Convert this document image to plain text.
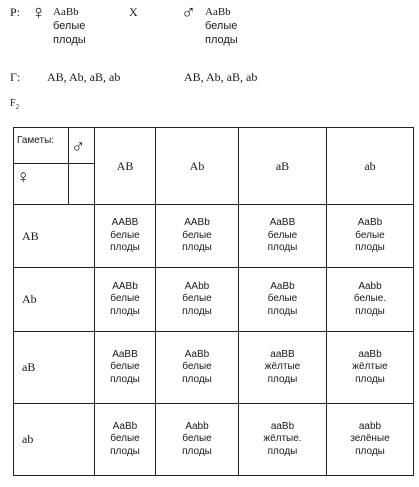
P: ♀ AaBb
белые
плоды
X ♂ AaBb
белые
плоды
Г: AB, Ab, aB, ab	AB, Ab, aB, ab
$F_2$
Гаметы: ♂
♀	AB	Ab	aB	ab
AB	AABB
белые
плоды	AABb
белые
плоды	AaBB
белые
плоды	AaBb
белые
плоды

Ab	AABb
белые
плоды	AAbb
белые
плоды	AaBb
белые
плоды	Aabb
белые.
плоды

aB	AaBB
белые
плоды	AaBb
белые
плоды	aaBB
жёлтые
плоды	aaBb
жёлтые
плоды

ab	AaBb
белые
плоды	Aabb
белые
плоды	aaBb
жёлтые.
плоды	aabb
зелёные
плоды
